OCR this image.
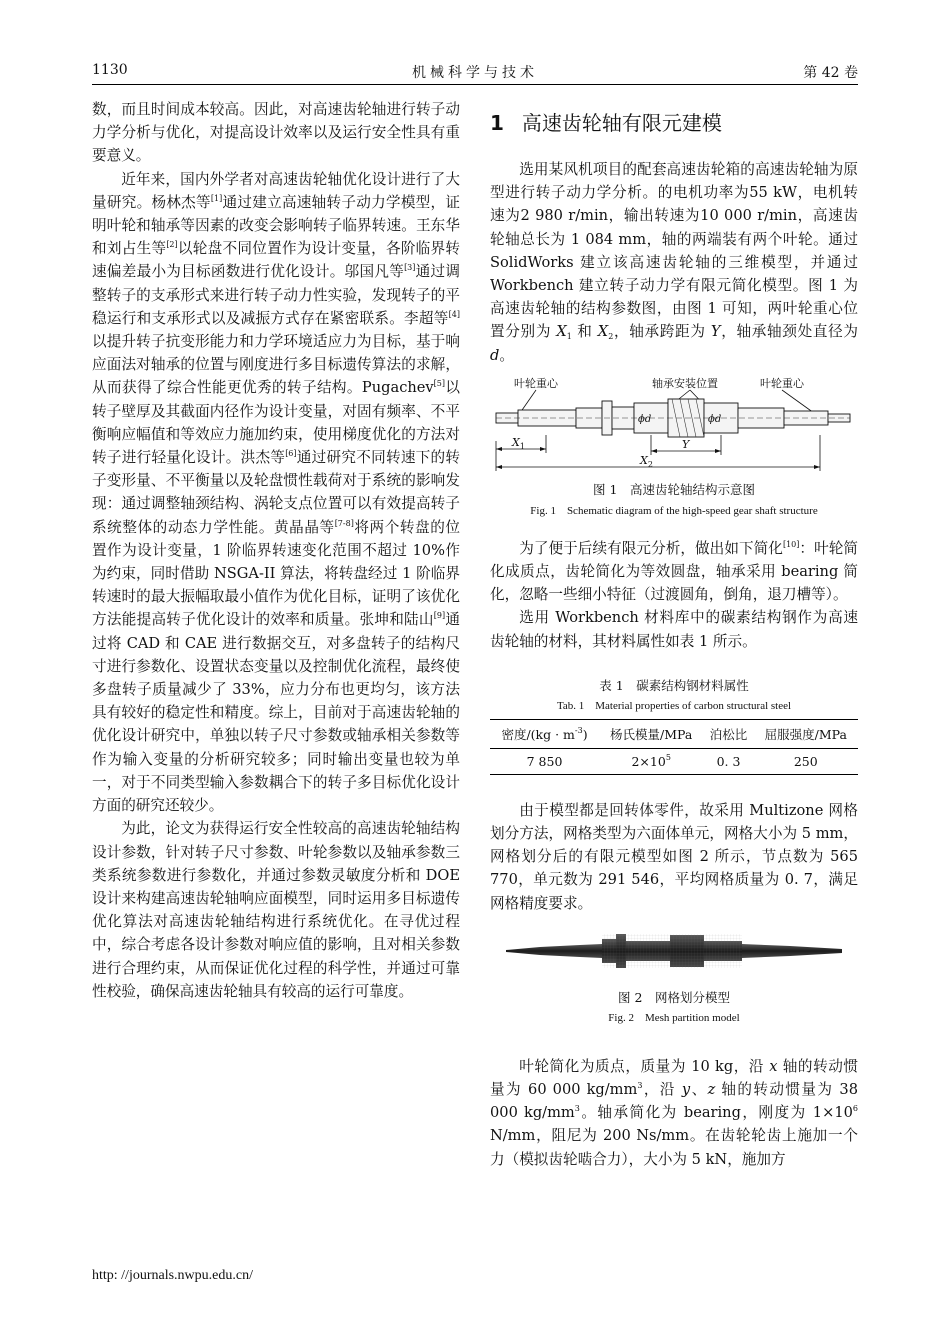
1130	机械科学与技术	第 42 卷

数，而且时间成本较高。因此，对高速齿轮轴进行转子动力学分析与优化，对提高设计效率以及运行安全性具有重要意义。

近年来，国内外学者对高速齿轮轴优化设计进行了大量研究。杨林杰等[1]通过建立高速轴转子动力学模型，证明叶轮和轴承等因素的改变会影响转子临界转速。王东华和刘占生等[2]以轮盘不同位置作为设计变量，各阶临界转速偏差最小为目标函数进行优化设计。邬国凡等[3]通过调整转子的支承形式来进行转子动力性实验，发现转子的平稳运行和支承形式以及减振方式存在紧密联系。李超等[4]以提升转子抗变形能力和力学环境适应力为目标，基于响应面法对轴承的位置与刚度进行多目标遗传算法的求解，从而获得了综合性能更优秀的转子结构。Pugachev[5]以转子壁厚及其截面内径作为设计变量，对固有频率、不平衡响应幅值和等效应力施加约束，使用梯度优化的方法对转子进行轻量化设计。洪杰等[6]通过研究不同转速下的转子变形量、不平衡量以及轮盘惯性载荷对于系统的影响发现：通过调整轴颈结构、涡轮支点位置可以有效提高转子系统整体的动态力学性能。黄晶晶等[7-8]将两个转盘的位置作为设计变量，1 阶临界转速变化范围不超过 10%作为约束，同时借助 NSGA-II 算法，将转盘经过 1 阶临界转速时的最大振幅取最小值作为优化目标，证明了该优化方法能提高转子优化设计的效率和质量。张坤和陆山[9]通过将 CAD 和 CAE 进行数据交互，对多盘转子的结构尺寸进行参数化、设置状态变量以及控制优化流程，最终使多盘转子质量减少了 33%，应力分布也更均匀，该方法具有较好的稳定性和精度。综上，目前对于高速齿轮轴的优化设计研究中，单独以转子尺寸参数或轴承相关参数等作为输入变量的分析研究较多；同时输出变量也较为单一，对于不同类型输入参数耦合下的转子多目标优化设计方面的研究还较少。

为此，论文为获得运行安全性较高的高速齿轮轴结构设计参数，针对转子尺寸参数、叶轮参数以及轴承参数三类系统参数进行参数化，并通过参数灵敏度分析和 DOE 设计来构建高速齿轮轴响应面模型，同时运用多目标遗传优化算法对高速齿轮轴结构进行系统优化。在寻优过程中，综合考虑各设计参数对响应值的影响，且对相关参数进行合理约束，从而保证优化过程的科学性，并通过可靠性校验，确保高速齿轮轴具有较高的运行可靠度。

1 高速齿轮轴有限元建模

选用某风机项目的配套高速齿轮箱的高速齿轮轴为原型进行转子动力学分析。的电机功率为55 kW，电机转速为2 980 r/min，输出转速为10 000 r/min，高速齿轮轴总长为 1 084 mm，轴的两端装有两个叶轮。通过 SolidWorks 建立该高速齿轮轴的三维模型，并通过 Workbench 建立转子动力学有限元简化模型。图 1 为高速齿轮轴的结构参数图，由图 1 可知，两叶轮重心位置分别为 $X_1$ 和 $X_2$，轴承跨距为 Y，轴承轴颈处直径为 d。

叶轮重心	轴承安装位置	叶轮重心
ϕd	ϕd
$X_1$	Y
$X_2$
图 1　高速齿轮轴结构示意图
Fig. 1　Schematic diagram of the high-speed gear shaft structure

为了便于后续有限元分析，做出如下简化[10]：叶轮简化成质点，齿轮简化为等效圆盘，轴承采用 bearing 简化，忽略一些细小特征（过渡圆角，倒角，退刀槽等）。

选用 Workbench 材料库中的碳素结构钢作为高速齿轮轴的材料，其材料属性如表 1 所示。

表 1　碳素结构钢材料属性
Tab. 1　Material properties of carbon structural steel
密度$/(kg \cdot m^{-3})$	杨氏模量/MPa	泊松比	屈服强度/MPa
7 850	$2\times 10^5$	0. 3	250

由于模型都是回转体零件，故采用 Multizone 网格划分方法，网格类型为六面体单元，网格大小为 5 mm，网格划分后的有限元模型如图 2 所示，节点数为 565 770，单元数为 291 546，平均网格质量为 0. 7，满足网格精度要求。

图 2　网格划分模型
Fig. 2　Mesh partition model

叶轮简化为质点，质量为 10 kg，沿 x 轴的转动惯量为 60 000 $kg/mm^3$，沿 y、z 轴的转动惯量为 38 000 $kg/mm^3$。轴承简化为 bearing，刚度为 $1\times 10^6$ N/mm，阻尼为 200 Ns/mm。在齿轮轮齿上施加一个力（模拟齿轮啮合力），大小为 5 kN，施加方

http: //journals.nwpu.edu.cn/
